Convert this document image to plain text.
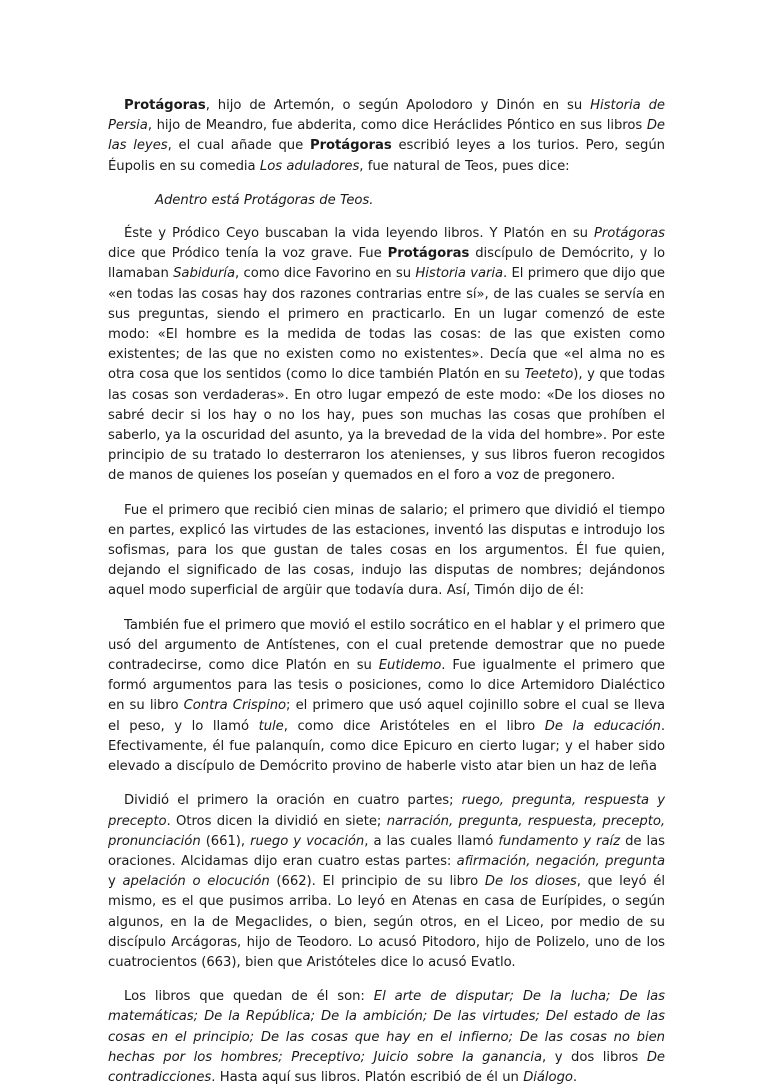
Protágoras, hijo de Artemón, o según Apolodoro y Dinón en su Historia de Persia, hijo de Meandro, fue abderita, como dice Heráclides Póntico en sus libros De las leyes, el cual añade que Protágoras escribió leyes a los turios. Pero, según Éupolis en su comedia Los aduladores, fue natural de Teos, pues dice:

Adentro está Protágoras de Teos.

Éste y Pródico Ceyo buscaban la vida leyendo libros. Y Platón en su Protágoras dice que Pródico tenía la voz grave. Fue Protágoras discípulo de Demócrito, y lo llamaban Sabiduría, como dice Favorino en su Historia varia. El primero que dijo que «en todas las cosas hay dos razones contrarias entre sí», de las cuales se servía en sus preguntas, siendo el primero en practicarlo. En un lugar comenzó de este modo: «El hombre es la medida de todas las cosas: de las que existen como existentes; de las que no existen como no existentes». Decía que «el alma no es otra cosa que los sentidos (como lo dice también Platón en su Teeteto), y que todas las cosas son verdaderas». En otro lugar empezó de este modo: «De los dioses no sabré decir si los hay o no los hay, pues son muchas las cosas que prohíben el saberlo, ya la oscuridad del asunto, ya la brevedad de la vida del hombre». Por este principio de su tratado lo desterraron los atenienses, y sus libros fueron recogidos de manos de quienes los poseían y quemados en el foro a voz de pregonero.

Fue el primero que recibió cien minas de salario; el primero que dividió el tiempo en partes, explicó las virtudes de las estaciones, inventó las disputas e introdujo los sofismas, para los que gustan de tales cosas en los argumentos. Él fue quien, dejando el significado de las cosas, indujo las disputas de nombres; dejándonos aquel modo superficial de argüir que todavía dura. Así, Timón dijo de él:

También fue el primero que movió el estilo socrático en el hablar y el primero que usó del argumento de Antístenes, con el cual pretende demostrar que no puede contradecirse, como dice Platón en su Eutidemo. Fue igualmente el primero que formó argumentos para las tesis o posiciones, como lo dice Artemidoro Dialéctico en su libro Contra Crispino; el primero que usó aquel cojinillo sobre el cual se lleva el peso, y lo llamó tule, como dice Aristóteles en el libro De la educación. Efectivamente, él fue palanquín, como dice Epicuro en cierto lugar; y el haber sido elevado a discípulo de Demócrito provino de haberle visto atar bien un haz de leña

Dividió el primero la oración en cuatro partes; ruego, pregunta, respuesta y precepto. Otros dicen la dividió en siete; narración, pregunta, respuesta, precepto, pronunciación (661), ruego y vocación, a las cuales llamó fundamento y raíz de las oraciones. Alcidamas dijo eran cuatro estas partes: afirmación, negación, pregunta y apelación o elocución (662). El principio de su libro De los dioses, que leyó él mismo, es el que pusimos arriba. Lo leyó en Atenas en casa de Eurípides, o según algunos, en la de Megaclides, o bien, según otros, en el Liceo, por medio de su discípulo Arcágoras, hijo de Teodoro. Lo acusó Pitodoro, hijo de Polizelo, uno de los cuatrocientos (663), bien que Aristóteles dice lo acusó Evatlo.

Los libros que quedan de él son: El arte de disputar; De la lucha; De las matemáticas; De la República; De la ambición; De las virtudes; Del estado de las cosas en el principio; De las cosas que hay en el infierno; De las cosas no bien hechas por los hombres; Preceptivo; Juicio sobre la ganancia, y dos libros De contradicciones. Hasta aquí sus libros. Platón escribió de él un Diálogo.
